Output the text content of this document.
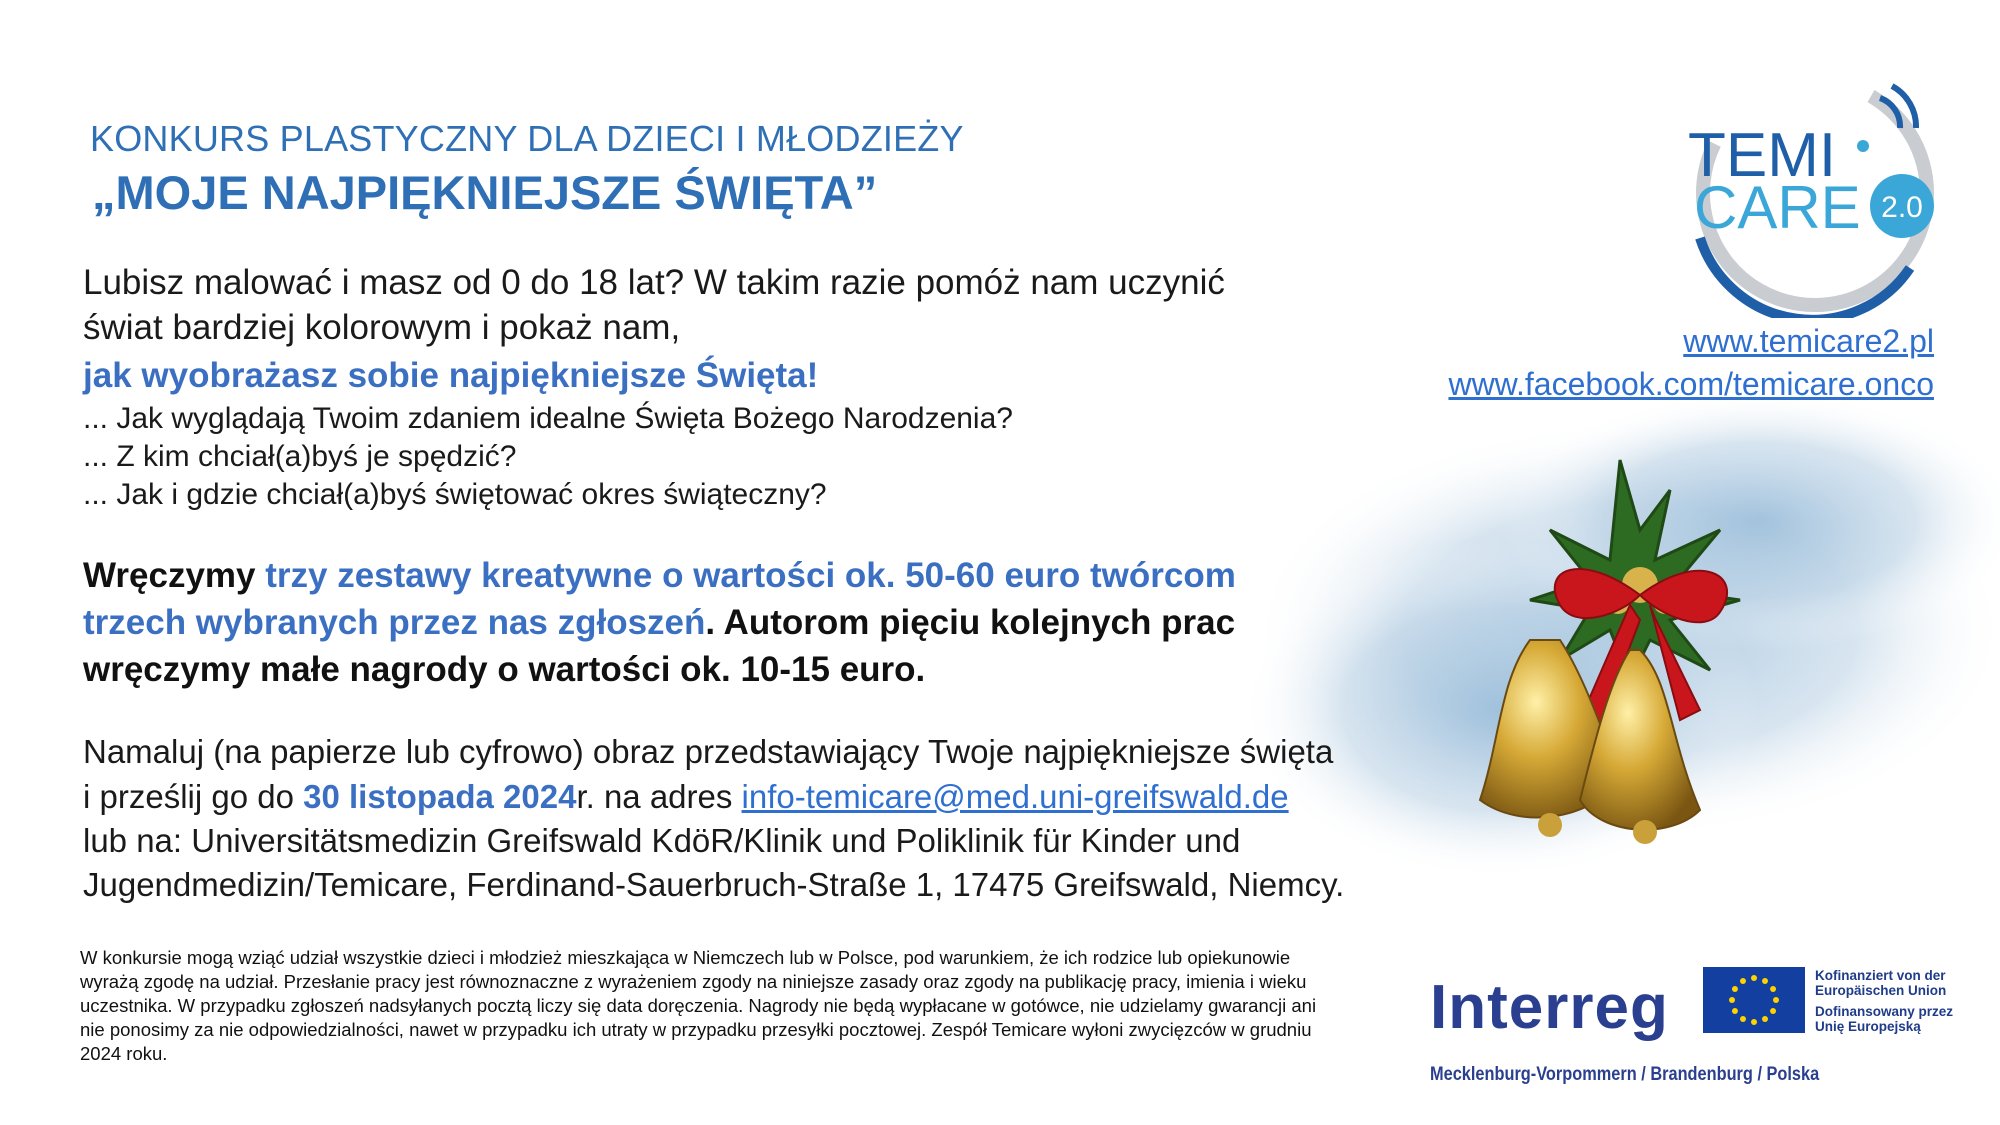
KONKURS PLASTYCZNY DLA DZIECI I MŁODZIEŻY
„MOJE NAJPIĘKNIEJSZE ŚWIĘTA”
Lubisz malować i masz od 0 do 18 lat? W takim razie pomóż nam uczynić
świat bardziej kolorowym i pokaż nam,
jak wyobrażasz sobie najpiękniejsze Święta!
... Jak wyglądają Twoim zdaniem idealne Święta Bożego Narodzenia?
... Z kim chciał(a)byś je spędzić?
... Jak i gdzie chciał(a)byś świętować okres świąteczny?
Wręczymy trzy zestawy kreatywne o wartości ok. 50-60 euro twórcom
trzech wybranych przez nas zgłoszeń. Autorom pięciu kolejnych prac
wręczymy małe nagrody o wartości ok. 10-15 euro.
Namaluj (na papierze lub cyfrowo) obraz przedstawiający Twoje najpiękniejsze święta
i prześlij go do 30 listopada 2024r. na adres info-temicare@med.uni-greifswald.de
lub na: Universitätsmedizin Greifswald KdöR/Klinik und Poliklinik für Kinder und
Jugendmedizin/Temicare, Ferdinand-Sauerbruch-Straße 1, 17475 Greifswald, Niemcy.
W konkursie mogą wziąć udział wszystkie dzieci i młodzież mieszkająca w Niemczech lub w Polsce, pod warunkiem, że ich rodzice lub opiekunowie wyrażą zgodę na udział. Przesłanie pracy jest równoznaczne z wyrażeniem zgody na niniejsze zasady oraz zgody na publikację pracy, imienia i wieku uczestnika. W przypadku zgłoszeń nadsyłanych pocztą liczy się data doręczenia. Nagrody nie będą wypłacane w gotówce, nie udzielamy gwarancji ani nie ponosimy za nie odpowiedzialności, nawet w przypadku ich utraty w przypadku przesyłki pocztowej. Zespół Temicare wyłoni zwycięzców w grudniu 2024 roku.
www.temicare2.pl
www.facebook.com/temicare.onco
TEMI
CARE 2.0
Interreg
Mecklenburg-Vorpommern / Brandenburg / Polska
Kofinanziert von der
Europäischen Union
Dofinansowany przez
Unię Europejską
